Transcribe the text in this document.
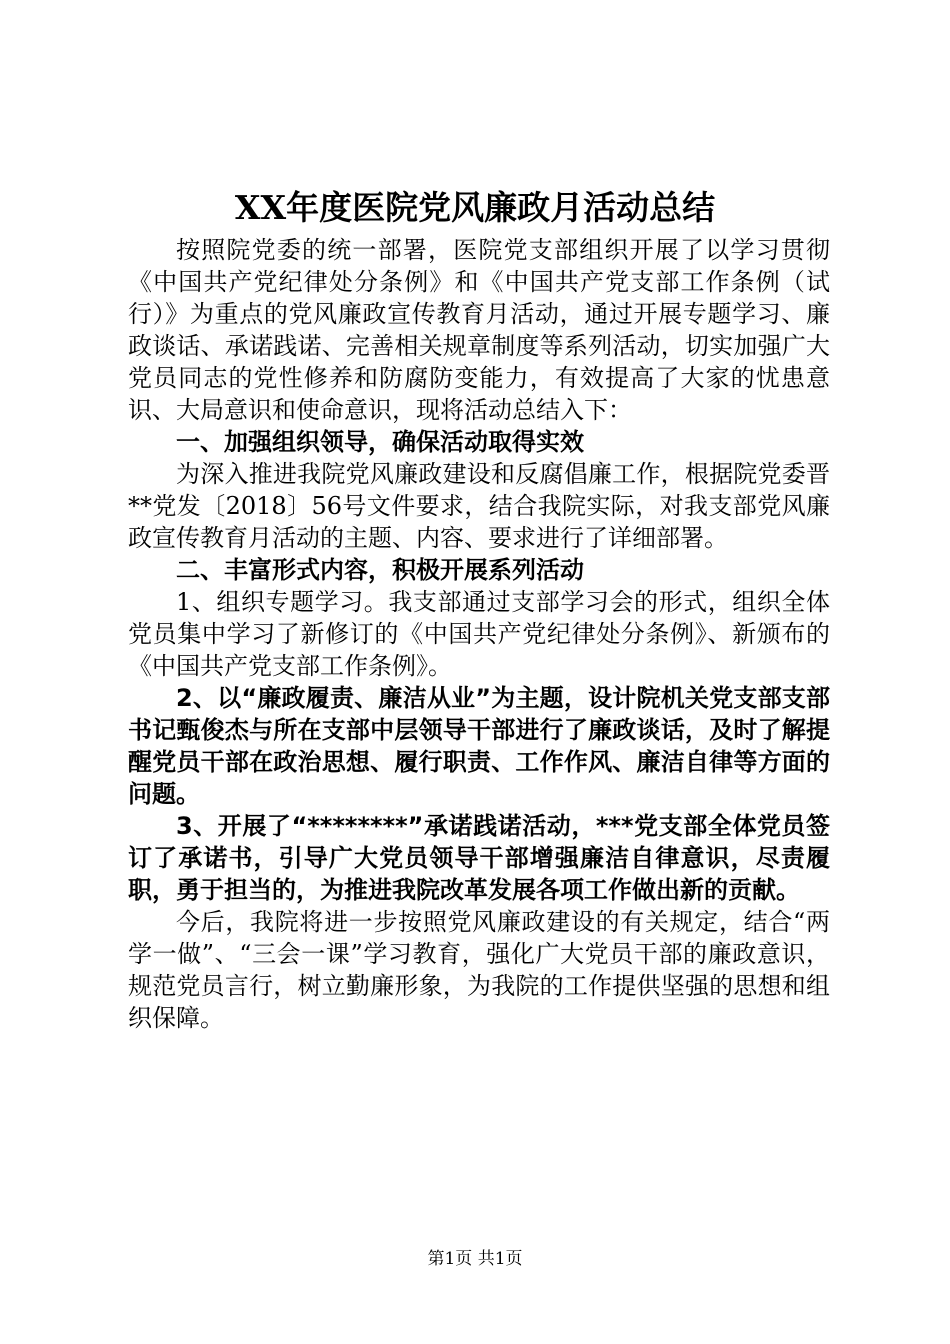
XX年度医院党风廉政月活动总结

按照院党委的统一部署，医院党支部组织开展了以学习贯彻《中国共产党纪律处分条例》和《中国共产党支部工作条例（试行）》为重点的党风廉政宣传教育月活动，通过开展专题学习、廉政谈话、承诺践诺、完善相关规章制度等系列活动，切实加强广大党员同志的党性修养和防腐防变能力，有效提高了大家的忧患意识、大局意识和使命意识，现将活动总结入下：

一、加强组织领导，确保活动取得实效

为深入推进我院党风廉政建设和反腐倡廉工作，根据院党委晋**党发〔2018〕56号文件要求，结合我院实际，对我支部党风廉政宣传教育月活动的主题、内容、要求进行了详细部署。

二、丰富形式内容，积极开展系列活动

1、组织专题学习。我支部通过支部学习会的形式，组织全体党员集中学习了新修订的《中国共产党纪律处分条例》、新颁布的《中国共产党支部工作条例》。

2、以“廉政履责、廉洁从业”为主题，设计院机关党支部支部书记甄俊杰与所在支部中层领导干部进行了廉政谈话，及时了解提醒党员干部在政治思想、履行职责、工作作风、廉洁自律等方面的问题。

3、开展了“********”承诺践诺活动，***党支部全体党员签订了承诺书，引导广大党员领导干部增强廉洁自律意识，尽责履职，勇于担当的，为推进我院改革发展各项工作做出新的贡献。

今后，我院将进一步按照党风廉政建设的有关规定，结合“两学一做”、“三会一课”学习教育，强化广大党员干部的廉政意识，规范党员言行，树立勤廉形象，为我院的工作提供坚强的思想和组织保障。

第1页 共1页
